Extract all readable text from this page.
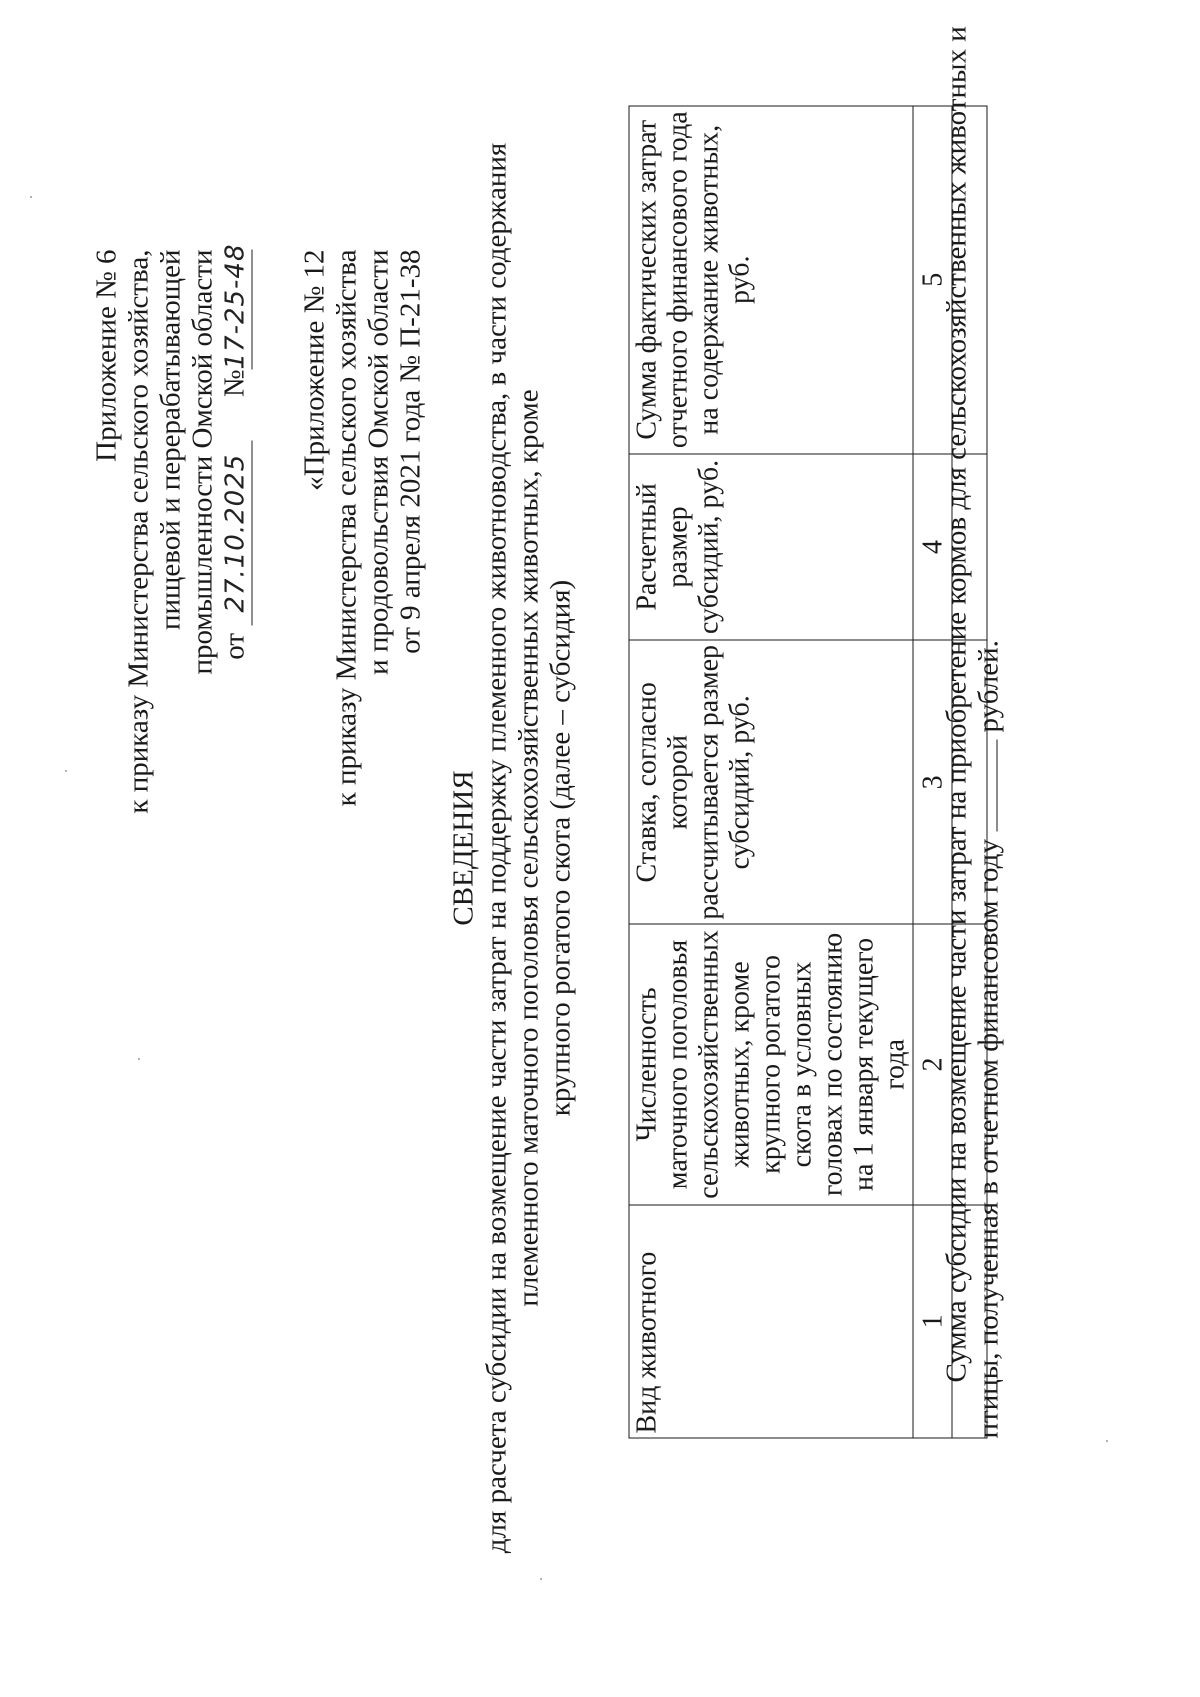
Приложение № 6 к приказу Министерства сельского хозяйства, пищевой и перерабатывающей промышленности Омской области от 27.10.2025      №17-25-48 «Приложение № 12 к приказу Министерства сельского хозяйства и продовольствия Омской области от 9 апреля 2021 года № П-21-38
СВЕДЕНИЯ для расчета субсидии на возмещение части затрат на поддержку племенного животноводства, в части содержания племенного маточного поголовья сельскохозяйственных животных, кроме крупного рогатого скота (далее – субсидия)
Вид животного	Численность маточного поголовья сельскохозяйственных животных, кроме крупного рогатого скота в условных головах по состоянию на 1 января текущего года	Ставка, согласно которой рассчитывается размер субсидий, руб.	Расчетный размер субсидий, руб.	Сумма фактических затрат отчетного финансового года на содержание животных, руб.
1	2	3	4	5

Сумма субсидии на возмещение части затрат на приобретение кормов для сельскохозяйственных животных и птицы, полученная в отчетном финансовом году  рублей.
